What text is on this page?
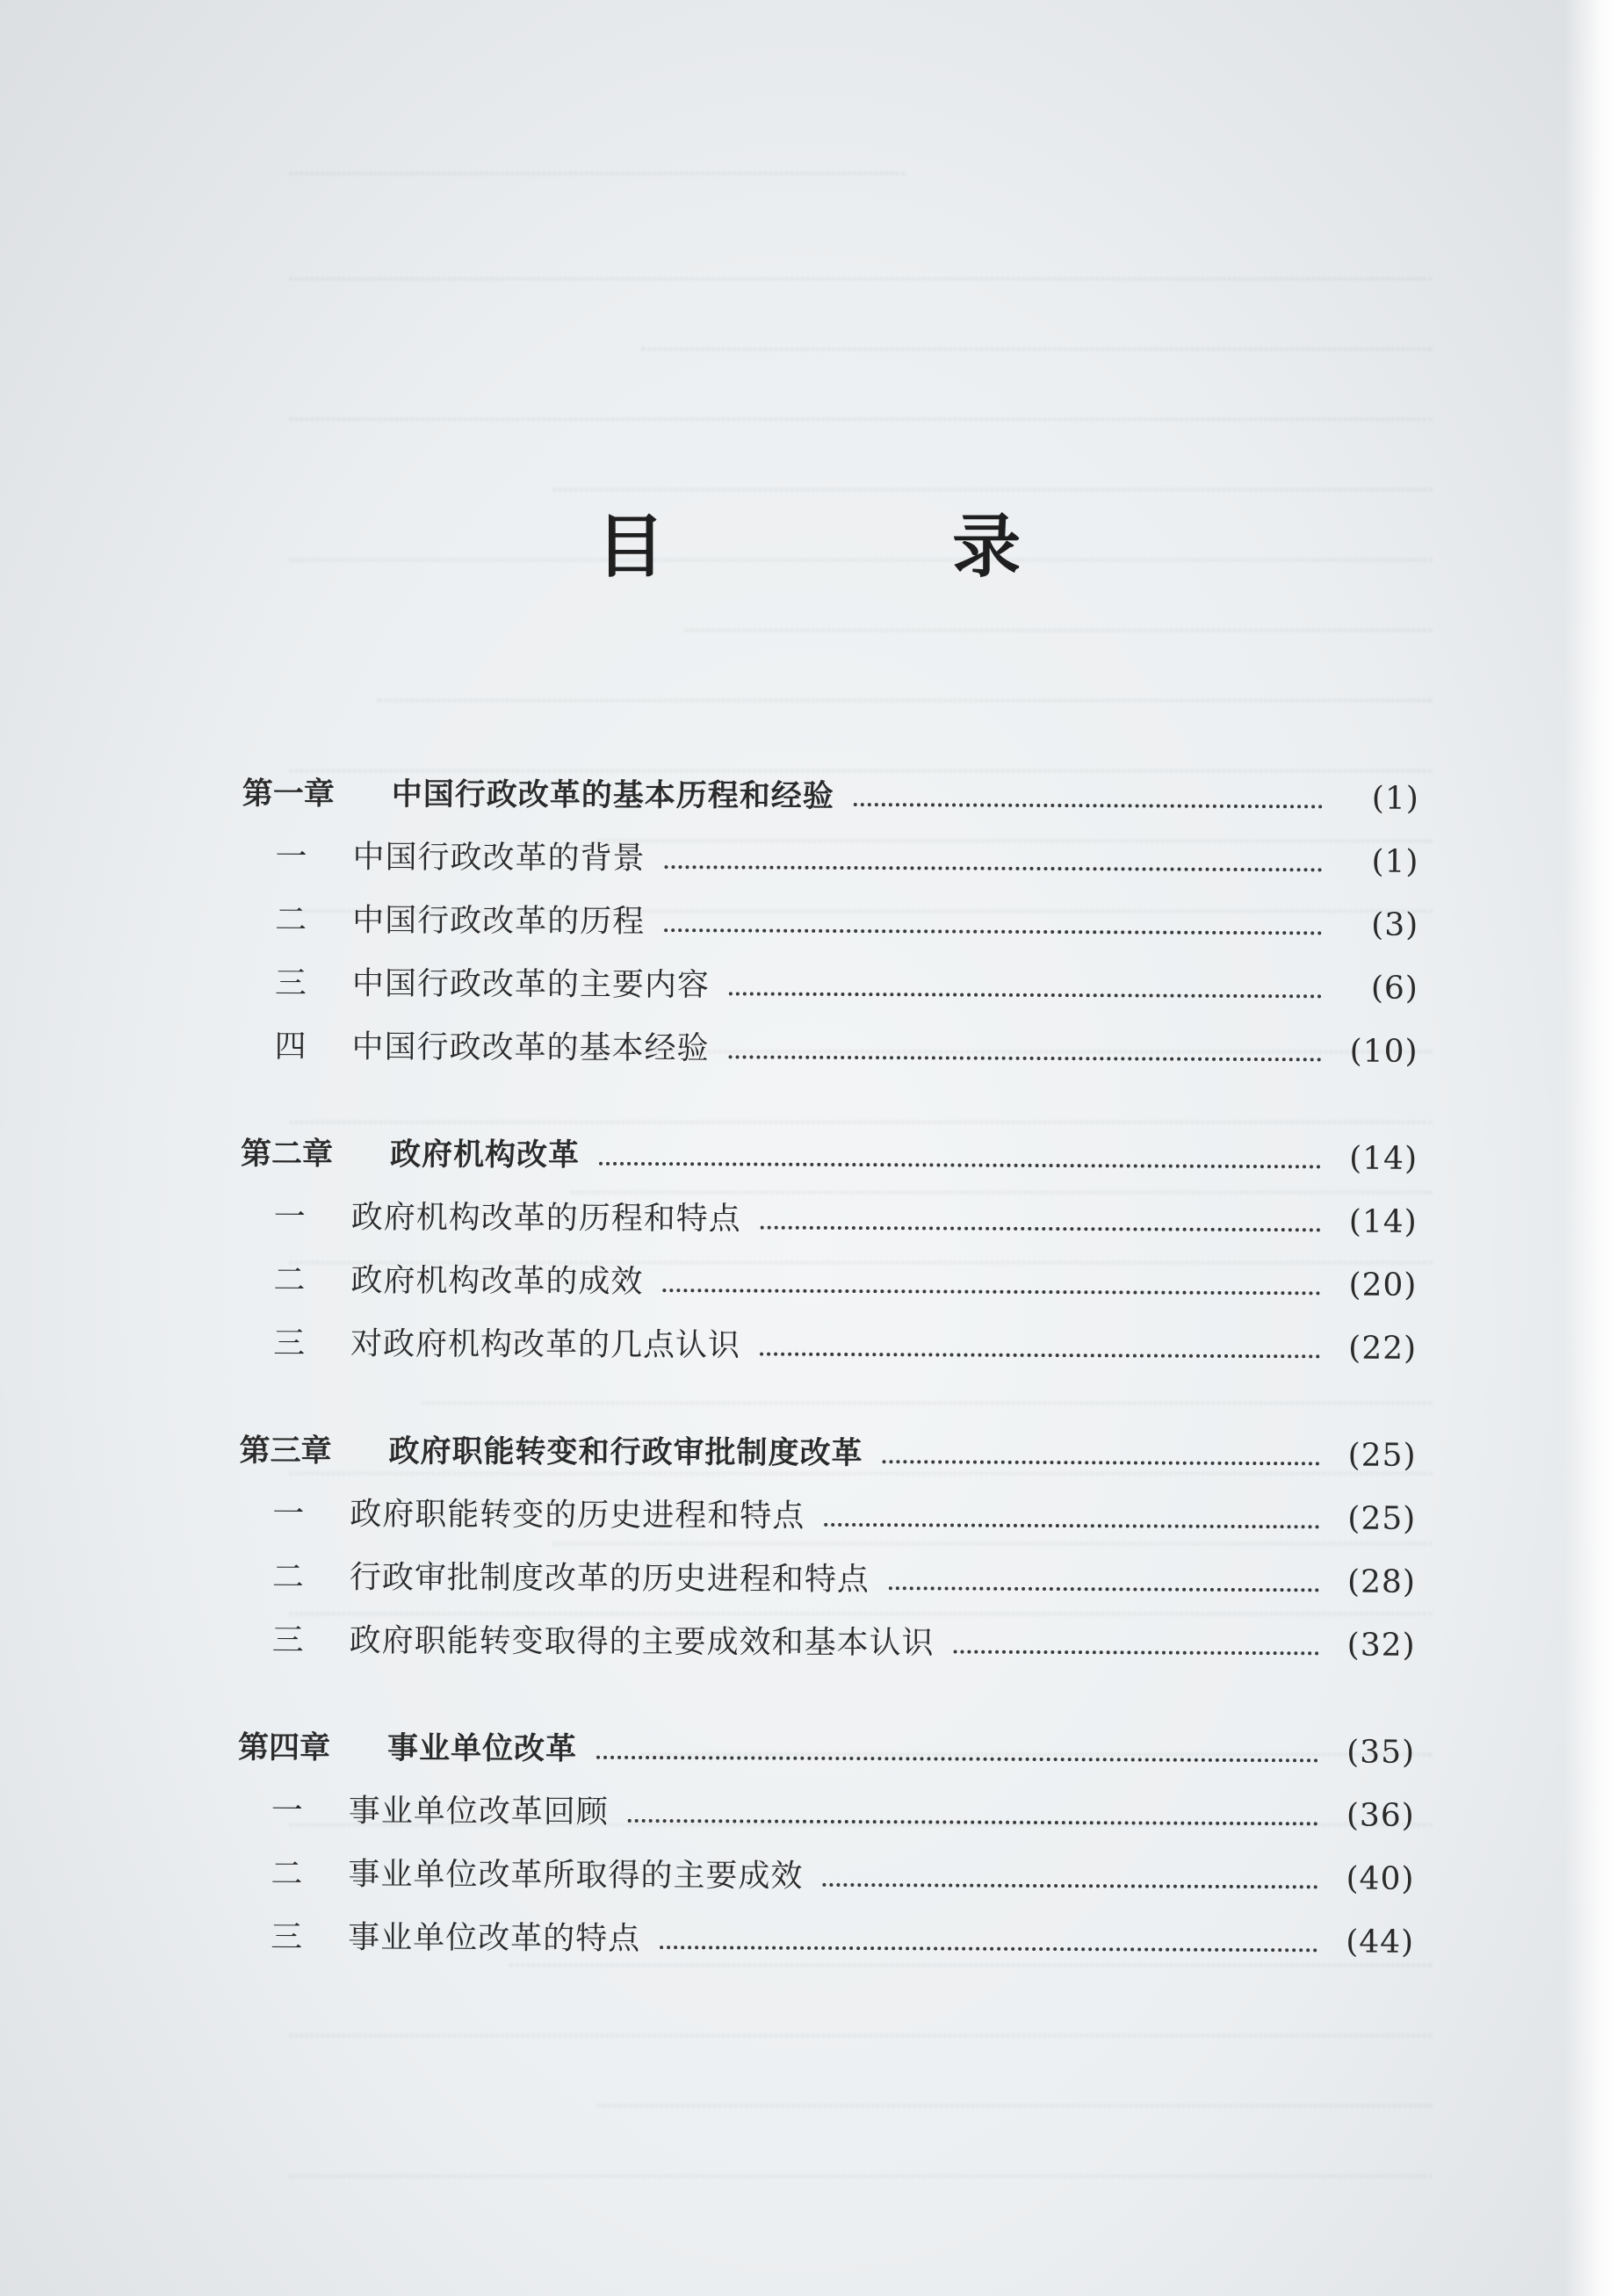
目 录
第一章	中国行政改革的基本历程和经验	(1)
一	中国行政改革的背景	(1)
二	中国行政改革的历程	(3)
三	中国行政改革的主要内容	(6)
四	中国行政改革的基本经验	(10)
第二章	政府机构改革	(14)
一	政府机构改革的历程和特点	(14)
二	政府机构改革的成效	(20)
三	对政府机构改革的几点认识	(22)
第三章	政府职能转变和行政审批制度改革	(25)
一	政府职能转变的历史进程和特点	(25)
二	行政审批制度改革的历史进程和特点	(28)
三	政府职能转变取得的主要成效和基本认识	(32)
第四章	事业单位改革	(35)
一	事业单位改革回顾	(36)
二	事业单位改革所取得的主要成效	(40)
三	事业单位改革的特点	(44)
